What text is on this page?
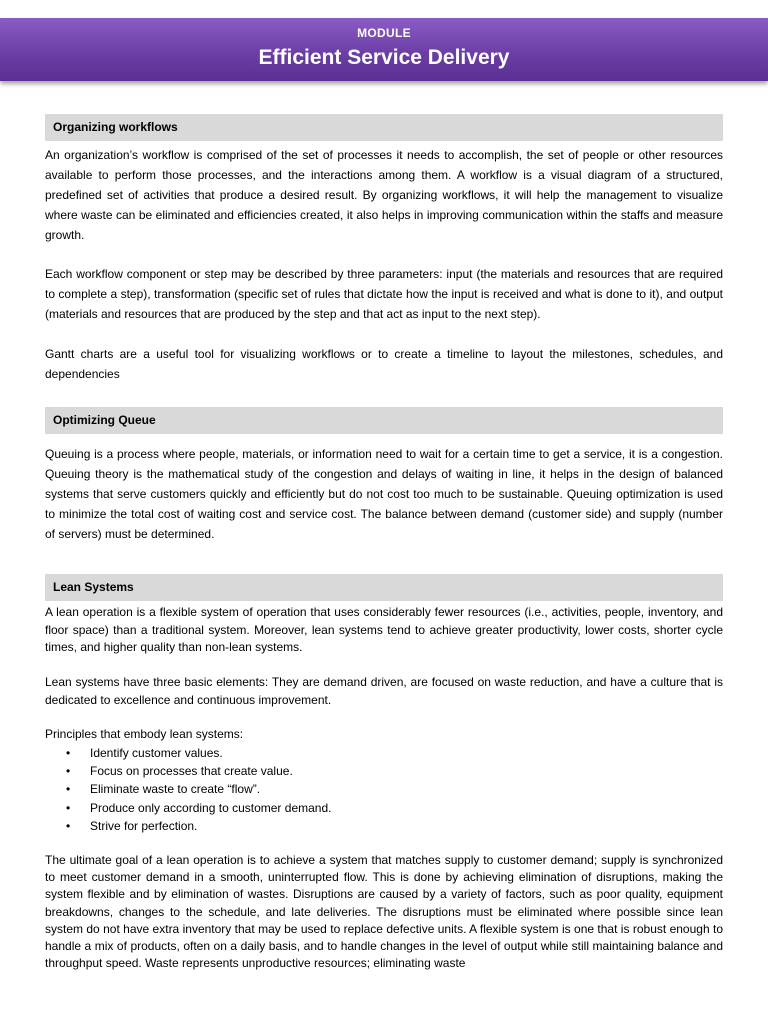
MODULE
Efficient Service Delivery
Organizing workflows

An organization’s workflow is comprised of the set of processes it needs to accomplish, the set of people or other resources available to perform those processes, and the interactions among them. A workflow is a visual diagram of a structured, predefined set of activities that produce a desired result. By organizing workflows, it will help the management to visualize where waste can be eliminated and efficiencies created, it also helps in improving communication within the staffs and measure growth.

Each workflow component or step may be described by three parameters: input (the materials and resources that are required to complete a step), transformation (specific set of rules that dictate how the input is received and what is done to it), and output (materials and resources that are produced by the step and that act as input to the next step).

Gantt charts are a useful tool for visualizing workflows or to create a timeline to layout the milestones, schedules, and dependencies

Optimizing Queue

Queuing is a process where people, materials, or information need to wait for a certain time to get a service, it is a congestion. Queuing theory is the mathematical study of the congestion and delays of waiting in line, it helps in the design of balanced systems that serve customers quickly and efficiently but do not cost too much to be sustainable. Queuing optimization is used to minimize the total cost of waiting cost and service cost. The balance between demand (customer side) and supply (number of servers) must be determined.

Lean Systems

A lean operation is a flexible system of operation that uses considerably fewer resources (i.e., activities, people, inventory, and floor space) than a traditional system. Moreover, lean systems tend to achieve greater productivity, lower costs, shorter cycle times, and higher quality than non-lean systems.

Lean systems have three basic elements: They are demand driven, are focused on waste reduction, and have a culture that is dedicated to excellence and continuous improvement.

Principles that embody lean systems:

• Identify customer values.
• Focus on processes that create value.
• Eliminate waste to create “flow”.
• Produce only according to customer demand.
• Strive for perfection.

The ultimate goal of a lean operation is to achieve a system that matches supply to customer demand; supply is synchronized to meet customer demand in a smooth, uninterrupted flow. This is done by achieving elimination of disruptions, making the system flexible and by elimination of wastes. Disruptions are caused by a variety of factors, such as poor quality, equipment breakdowns, changes to the schedule, and late deliveries. The disruptions must be eliminated where possible since lean system do not have extra inventory that may be used to replace defective units. A flexible system is one that is robust enough to handle a mix of products, often on a daily basis, and to handle changes in the level of output while still maintaining balance and throughput speed. Waste represents unproductive resources; eliminating waste
